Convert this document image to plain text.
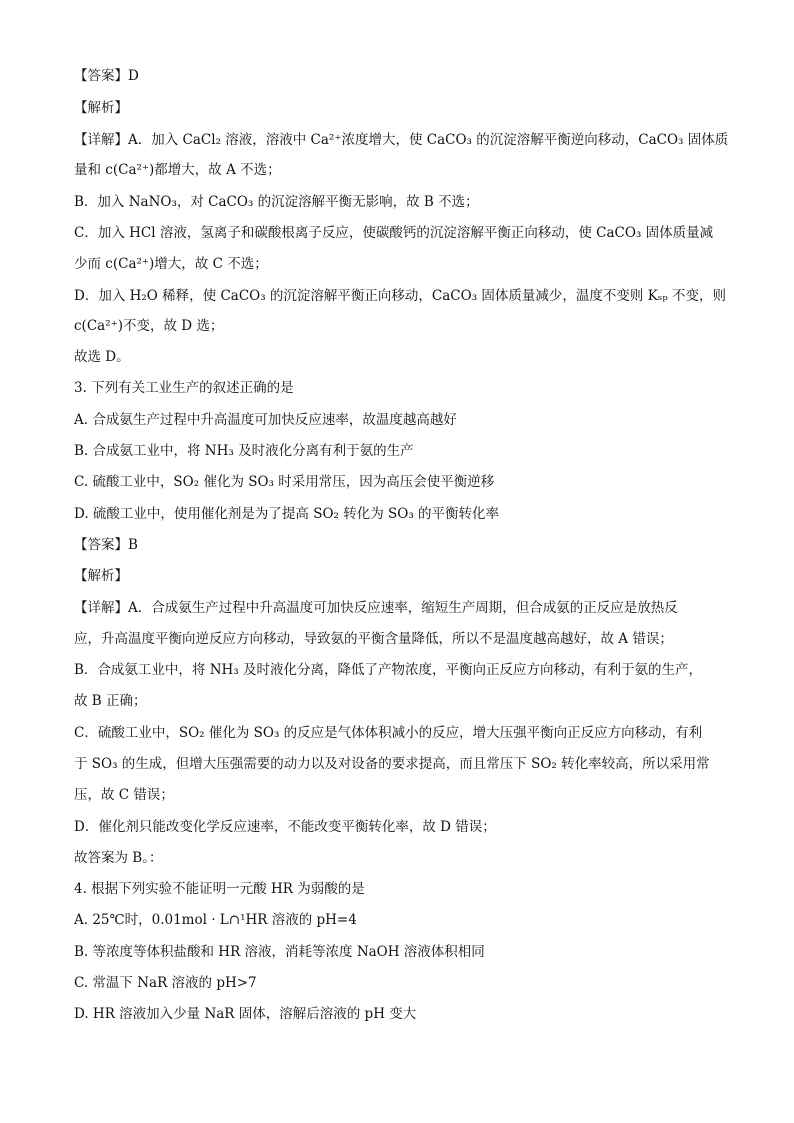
【答案】D
【解析】
【详解】A．加入 CaCl₂ 溶液，溶液中 Ca²⁺浓度增大，使 CaCO₃ 的沉淀溶解平衡逆向移动，CaCO₃ 固体质
量和 c(Ca²⁺)都增大，故 A 不选；
B．加入 NaNO₃，对 CaCO₃ 的沉淀溶解平衡无影响，故 B 不选；
C．加入 HCl 溶液，氢离子和碳酸根离子反应，使碳酸钙的沉淀溶解平衡正向移动，使 CaCO₃ 固体质量减
少而 c(Ca²⁺)增大，故 C 不选；
D．加入 H₂O 稀释，使 CaCO₃ 的沉淀溶解平衡正向移动，CaCO₃ 固体质量减少，温度不变则 Kₛₚ 不变，则
c(Ca²⁺)不变，故 D 选；
故选 D。
3. 下列有关工业生产的叙述正确的是
A. 合成氨生产过程中升高温度可加快反应速率，故温度越高越好
B. 合成氨工业中，将 NH₃ 及时液化分离有利于氨的生产
C. 硫酸工业中，SO₂ 催化为 SO₃ 时采用常压，因为高压会使平衡逆移
D. 硫酸工业中，使用催化剂是为了提高 SO₂ 转化为 SO₃ 的平衡转化率
【答案】B
【解析】
【详解】A．合成氨生产过程中升高温度可加快反应速率，缩短生产周期，但合成氨的正反应是放热反
应，升高温度平衡向逆反应方向移动，导致氨的平衡含量降低，所以不是温度越高越好，故 A 错误；
B．合成氨工业中，将 NH₃ 及时液化分离，降低了产物浓度，平衡向正反应方向移动，有利于氨的生产，
故 B 正确；
C．硫酸工业中，SO₂ 催化为 SO₃ 的反应是气体体积减小的反应，增大压强平衡向正反应方向移动，有利
于 SO₃ 的生成，但增大压强需要的动力以及对设备的要求提高，而且常压下 SO₂ 转化率较高，所以采用常
压，故 C 错误；
D．催化剂只能改变化学反应速率，不能改变平衡转化率，故 D 错误；
故答案为 B。：
4. 根据下列实验不能证明一元酸 HR 为弱酸的是
A. 25℃时，0.01mol · L∩¹HR 溶液的 pH=4
B. 等浓度等体积盐酸和 HR 溶液，消耗等浓度 NaOH 溶液体积相同
C. 常温下 NaR 溶液的 pH>7
D. HR 溶液加入少量 NaR 固体，溶解后溶液的 pH 变大
